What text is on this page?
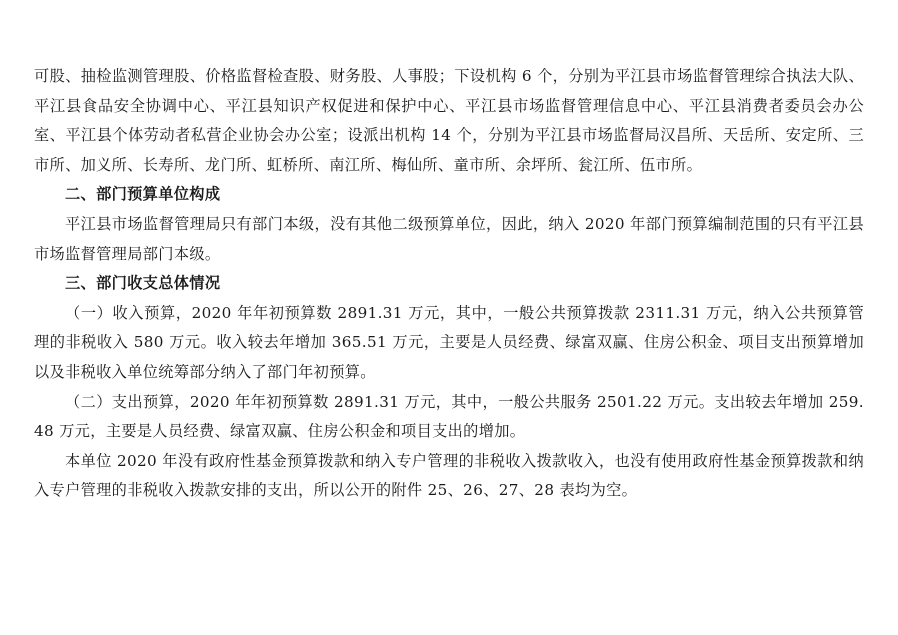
可股、抽检监测管理股、价格监督检查股、财务股、人事股；下设机构 6 个，分别为平江县市场监督管理综合执法大队、平江县食品安全协调中心、平江县知识产权促进和保护中心、平江县市场监督管理信息中心、平江县消费者委员会办公室、平江县个体劳动者私营企业协会办公室；设派出机构 14 个，分别为平江县市场监督局汉昌所、天岳所、安定所、三市所、加义所、长寿所、龙门所、虹桥所、南江所、梅仙所、童市所、余坪所、瓮江所、伍市所。

二、部门预算单位构成

平江县市场监督管理局只有部门本级，没有其他二级预算单位，因此，纳入 2020 年部门预算编制范围的只有平江县市场监督管理局部门本级。

三、部门收支总体情况

（一）收入预算，2020 年年初预算数 2891.31 万元，其中，一般公共预算拨款 2311.31 万元，纳入公共预算管理的非税收入 580 万元。收入较去年增加 365.51 万元，主要是人员经费、绿富双赢、住房公积金、项目支出预算增加以及非税收入单位统筹部分纳入了部门年初预算。

（二）支出预算，2020 年年初预算数 2891.31 万元，其中，一般公共服务 2501.22 万元。支出较去年增加 259.48 万元，主要是人员经费、绿富双赢、住房公积金和项目支出的增加。

本单位 2020 年没有政府性基金预算拨款和纳入专户管理的非税收入拨款收入，也没有使用政府性基金预算拨款和纳入专户管理的非税收入拨款安排的支出，所以公开的附件 25、26、27、28 表均为空。
